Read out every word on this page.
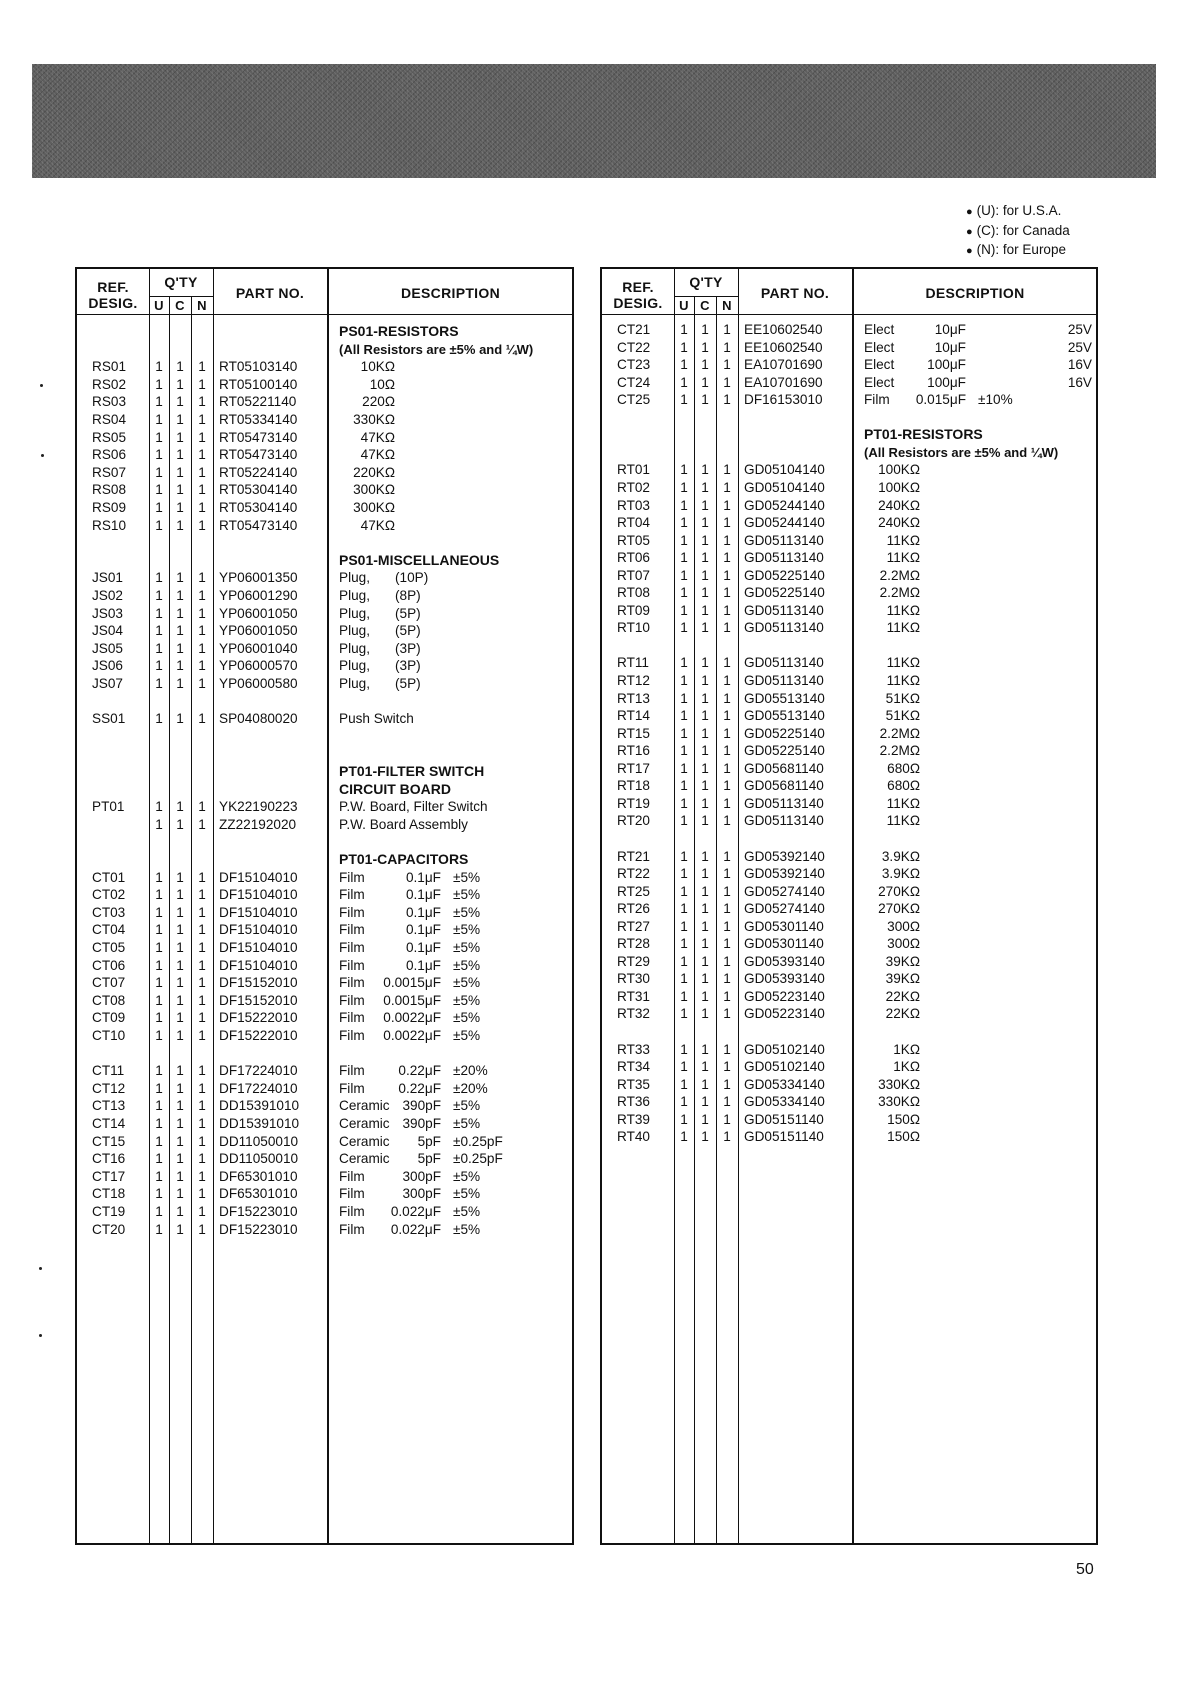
● (U): for U.S.A.
● (C): for Canada
● (N): for Europe
REF.
DESIG.
Q'TY
U C N
PART NO.	DESCRIPTION
PS01-RESISTORS
(All Resistors are ±5% and ¼W)
RS01 1 1 1 RT05103140	10KΩ
RS02 1 1 1 RT05100140	10Ω
RS03 1 1 1 RT05221140	220Ω
RS04 1 1 1 RT05334140	330KΩ
RS05 1 1 1 RT05473140	47KΩ
RS06 1 1 1 RT05473140	47KΩ
RS07 1 1 1 RT05224140	220KΩ
RS08 1 1 1 RT05304140	300KΩ
RS09 1 1 1 RT05304140	300KΩ
RS10 1 1 1 RT05473140	47KΩ
PS01-MISCELLANEOUS
JS01 1 1 1 YP06001350	Plug, (10P)
JS02 1 1 1 YP06001290	Plug, (8P)
JS03 1 1 1 YP06001050	Plug, (5P)
JS04 1 1 1 YP06001050	Plug, (5P)
JS05 1 1 1 YP06001040	Plug, (3P)
JS06 1 1 1 YP06000570	Plug, (3P)
JS07 1 1 1 YP06000580	Plug, (5P)
SS01 1 1 1 SP04080020	Push Switch
PT01-FILTER SWITCH
CIRCUIT BOARD
PT01 1 1 1 YK22190223	P.W. Board, Filter Switch
1 1 1 ZZ22192020	P.W. Board Assembly
PT01-CAPACITORS
CT01 1 1 1 DF15104010	Film	0.1μF ±5%
CT02 1 1 1 DF15104010	Film	0.1μF ±5%
CT03 1 1 1 DF15104010	Film	0.1μF ±5%
CT04 1 1 1 DF15104010	Film	0.1μF ±5%
CT05 1 1 1 DF15104010	Film	0.1μF ±5%
CT06 1 1 1 DF15104010	Film	0.1μF ±5%
CT07 1 1 1 DF15152010	Film	0.0015μF ±5%
CT08 1 1 1 DF15152010	Film	0.0015μF ±5%
CT09 1 1 1 DF15222010	Film	0.0022μF ±5%
CT10 1 1 1 DF15222010	Film	0.0022μF ±5%
CT11 1 1 1 DF17224010	Film	0.22μF ±20%
CT12 1 1 1 DF17224010	Film	0.22μF ±20%
CT13 1 1 1 DD15391010	Ceramic 390pF ±5%
CT14 1 1 1 DD15391010	Ceramic 390pF ±5%
CT15 1 1 1 DD11050010	Ceramic	5pF ±0.25pF
CT16 1 1 1 DD11050010	Ceramic	5pF ±0.25pF
CT17 1 1 1 DF65301010	Film	300pF ±5%
CT18 1 1 1 DF65301010	Film	300pF ±5%
CT19 1 1 1 DF15223010	Film	0.022μF ±5%
CT20 1 1 1 DF15223010	Film	0.022μF ±5%
REF.
DESIG.
Q'TY
U C N
PART NO.	DESCRIPTION
CT21 1 1 1 EE10602540	Elect	10μF	25V
CT22 1 1 1 EE10602540	Elect	10μF	25V
CT23 1 1 1 EA10701690	Elect	100μF	16V
CT24 1 1 1 EA10701690	Elect	100μF	16V
CT25 1 1 1 DF16153010	Film	0.015μF ±10%
PT01-RESISTORS
(All Resistors are ±5% and ¼W)
RT01 1 1 1 GD05104140	100KΩ
RT02 1 1 1 GD05104140	100KΩ
RT03 1 1 1 GD05244140	240KΩ
RT04 1 1 1 GD05244140	240KΩ
RT05 1 1 1 GD05113140	11KΩ
RT06 1 1 1 GD05113140	11KΩ
RT07 1 1 1 GD05225140	2.2MΩ
RT08 1 1 1 GD05225140	2.2MΩ
RT09 1 1 1 GD05113140	11KΩ
RT10 1 1 1 GD05113140	11KΩ
RT11 1 1 1 GD05113140	11KΩ
RT12 1 1 1 GD05113140	11KΩ
RT13 1 1 1 GD05513140	51KΩ
RT14 1 1 1 GD05513140	51KΩ
RT15 1 1 1 GD05225140	2.2MΩ
RT16 1 1 1 GD05225140	2.2MΩ
RT17 1 1 1 GD05681140	680Ω
RT18 1 1 1 GD05681140	680Ω
RT19 1 1 1 GD05113140	11KΩ
RT20 1 1 1 GD05113140	11KΩ
RT21 1 1 1 GD05392140	3.9KΩ
RT22 1 1 1 GD05392140	3.9KΩ
RT25 1 1 1 GD05274140	270KΩ
RT26 1 1 1 GD05274140	270KΩ
RT27 1 1 1 GD05301140	300Ω
RT28 1 1 1 GD05301140	300Ω
RT29 1 1 1 GD05393140	39KΩ
RT30 1 1 1 GD05393140	39KΩ
RT31 1 1 1 GD05223140	22KΩ
RT32 1 1 1 GD05223140	22KΩ
RT33 1 1 1 GD05102140	1KΩ
RT34 1 1 1 GD05102140	1KΩ
RT35 1 1 1 GD05334140	330KΩ
RT36 1 1 1 GD05334140	330KΩ
RT39 1 1 1 GD05151140	150Ω
RT40 1 1 1 GD05151140	150Ω
50
